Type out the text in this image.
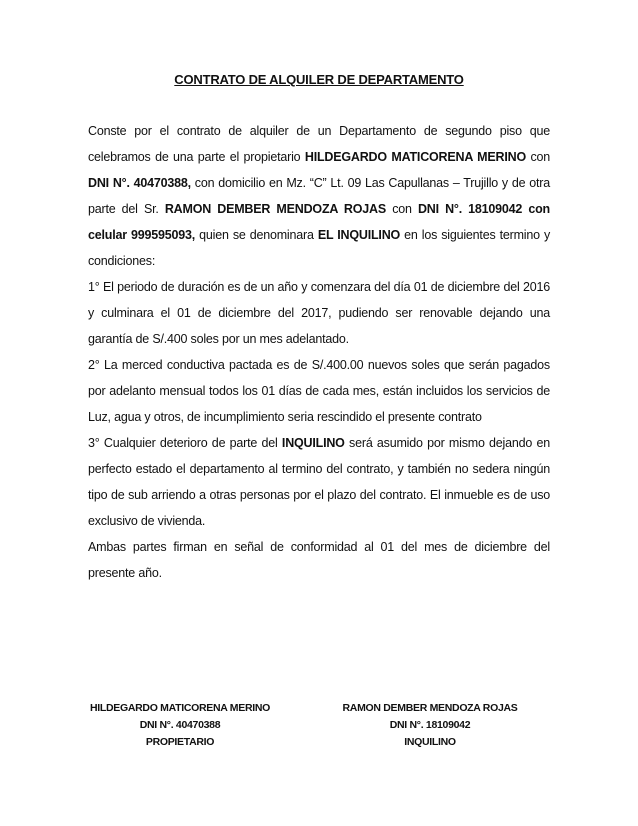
CONTRATO DE ALQUILER DE DEPARTAMENTO

Conste por el contrato de alquiler de un Departamento de segundo piso que celebramos de una parte el propietario HILDEGARDO MATICORENA MERINO con DNI N°. 40470388, con domicilio en Mz. “C” Lt. 09 Las Capullanas – Trujillo y de otra parte del Sr. RAMON DEMBER MENDOZA ROJAS con DNI N°. 18109042 con celular 999595093, quien se denominara EL INQUILINO en los siguientes termino y condiciones:

1° El periodo de duración es de un año y comenzara del día 01 de diciembre del 2016 y culminara el 01 de diciembre del 2017, pudiendo ser renovable dejando una garantía de S/.400 soles por un mes adelantado.

2° La merced conductiva pactada es de S/.400.00 nuevos soles que serán pagados por adelanto mensual todos los 01 días de cada mes, están incluidos los servicios de Luz, agua y otros, de incumplimiento seria rescindido el presente contrato

3° Cualquier deterioro de parte del INQUILINO será asumido por mismo dejando en perfecto estado el departamento al termino del contrato, y también no sedera ningún tipo de sub arriendo a otras personas por el plazo del contrato. El inmueble es de uso exclusivo de vivienda.

Ambas partes firman en señal de conformidad al 01 del mes de diciembre del presente año.

HILDEGARDO MATICORENA MERINO
DNI N°. 40470388
PROPIETARIO
RAMON DEMBER MENDOZA ROJAS
DNI N°. 18109042
INQUILINO
